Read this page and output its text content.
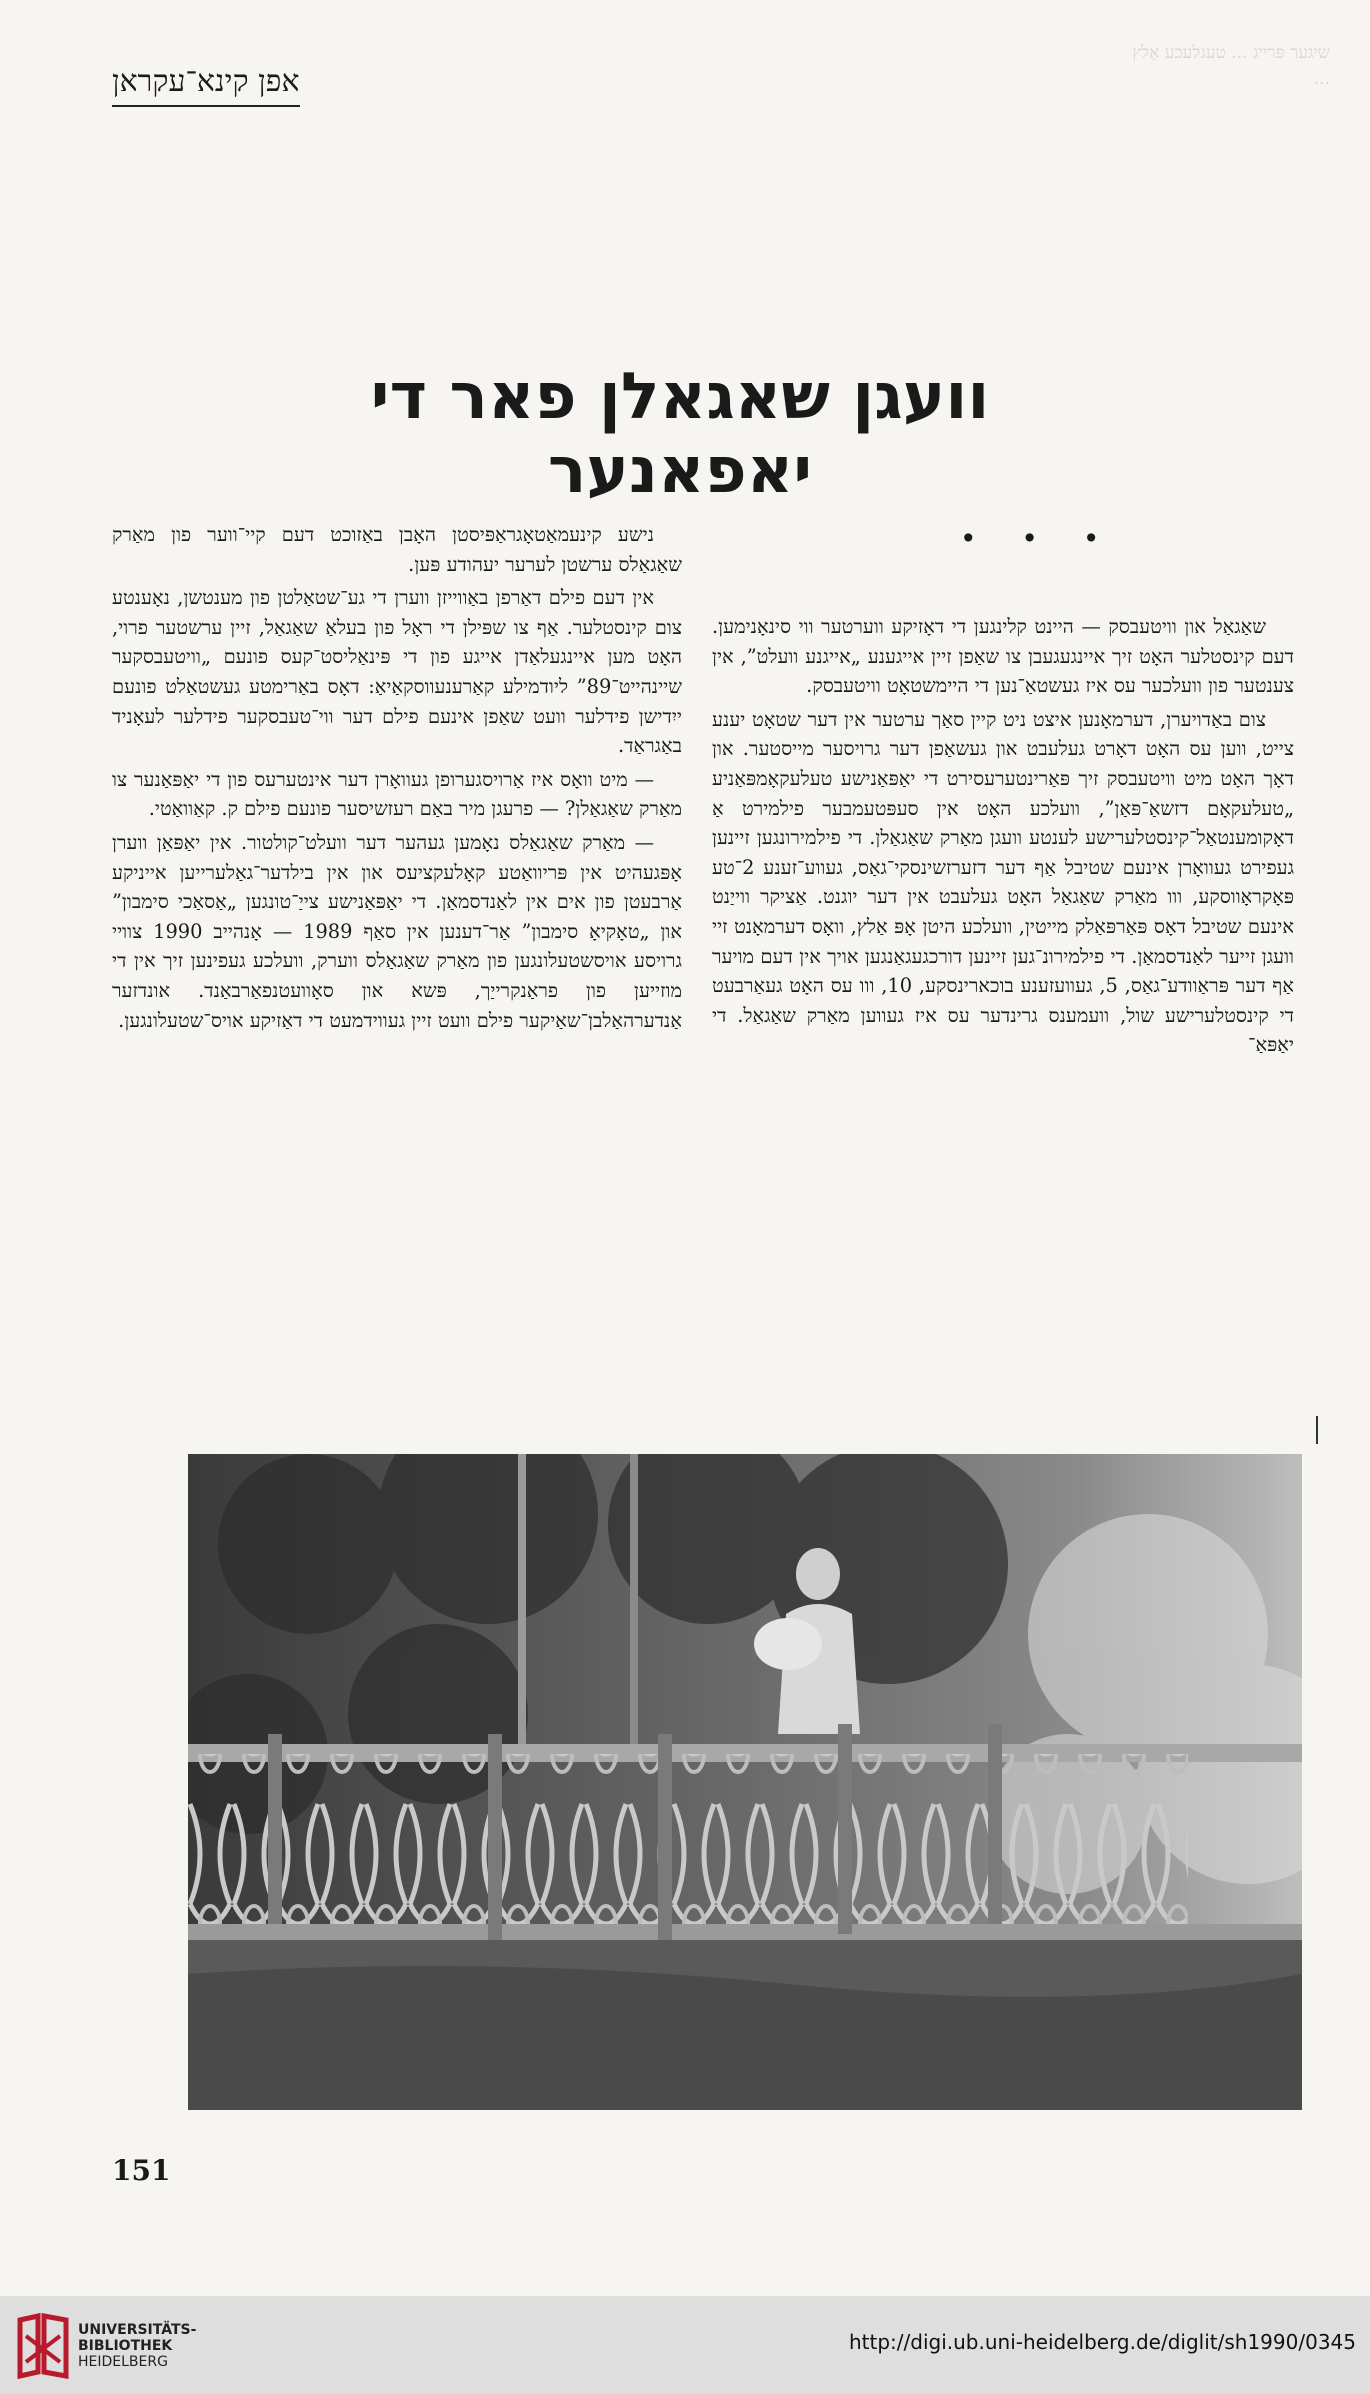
שיגער פּרייג ... טעגלעכע אַלץ ...
אפן קינא־עקראן
וועגן שאגאלן פאר די יאפאנער
• • •

נישע קינעמאַטאָגראַפּיסטן האָבן באַזוכט דעם קיי־ווער פון מאַרק שאַגאַלס ערשטן לערער יעהודע פּען.

אין דעם פילם דאַרפן באַווייזן ווערן די גע־שטאַלטן פון מענטשן, נאָענטע צום קינסטלער. אַף צו שפּילן די ראָל פון בעלאַ שאַגאַל, זיין ערשטער פרוי, האָט מען איינגעלאַדן אייגע פון די פּינאַליסט־קעס פונעם „וויטעבסקער שיינהייט־89” ליודמילע קאַרענעווסקאַיאַ: דאָס באַרימטע געשטאַלט פונעם ייִדישן פידלער וועט שאַפן אינעם פילם דער ווי־טעבסקער פידלער לעאָניד באַגראַד.

— מיט וואָס איז אַרויסגערופן געוואָרן דער אינטערעס פון די יאַפּאַנער צו מאַרק שאַגאַלן? — פרעגן מיר באַם רעזשיסער פונעם פילם ק. קאַוואַטי.

— מאַרק שאַגאַלס נאָמען געהער דער וועלט־קולטור. אין יאַפּאַן ווערן אָפּגעהיט אין פּריוואַטע קאָלעקציעס און אין בילדער־גאַלערייען אייניקע אַרבעטן פון אים אין לאַנדסמאַן. די יאַפּאַנישע צייַ־טונגען „אַסאַכי סימבון” און „טאָקיאָ סימבון” אַר־דענען אין סאַף 1989 — אָנהייב 1990 צוויי גרויסע אויסשטעלונגען פון מאַרק שאַגאַלס ווערק, וועלכע געפינען זיך אין די מוזייען פון פראַנקרייַך, פּשא און סאָוועטנפאַרבאַנד. אונדזער אַנדערהאַלבן־שאַיקער פילם וועט זיין געווידמעט די דאַזיקע אויס־שטעלונגען.

שאַגאַל און וויטעבסק — היינט קלינגען די דאָזיקע ווערטער ווי סינאָנימען. דעם קינסטלער האָט זיך איינגעגעבן צו שאַפן זיין אייגענע „אייגנע וועלט”, אין צענטער פון וועלכער עס איז געשטאַ־נען די היימשטאָט וויטעבסק.

צום באַדויערן, דערמאָנען איצט ניט קיין סאַך ערטער אין דער שטאָט יענע צייט, ווען עס האָט דאָרט געלעבט און געשאַפן דער גרויסער מייסטער. און דאָך האָט מיט וויטעבסק זיך פּאַרינטערעסירט די יאַפּאַנישע טעלעקאָמפּאַניע „טעלעקאָם דזשאַ־פּאַן”, וועלכע האָט אין סעפּטעמבער פילמירט אַ דאָקומענטאַל־קינסטלערישע לענטע וועגן מאַרק שאַגאַלן. די פילמירונגען זיינען געפירט געוואָרן אינעם שטיבל אַף דער דזערזשינסקי־גאַס, געווע־זענע 2־טע פּאָקראָווסקע, ווו מאַרק שאַגאַל האָט געלעבט אין דער יוגנט. אַציקר ווייַנט אינעם שטיבל דאָס פּאַרפּאַלק מייטין, וועלכע היטן אָפּ אַלץ, וואָס דערמאָנט זיי וועגן זייער לאַנדסמאַן. די פילמירונ־גען זיינען דורכגעגאַנגען אויך אין דעם מויער אַף דער פּראַוודע־גאַס, 5, געוועזענע בוכארינסקע, 10, ווו עס האָט געאַרבעט די קינסטלערישע שול, וועמענס גרינדער עס איז געווען מאַרק שאַגאַל. די יאַפּאַ־

151
UNIVERSITÄTS-
BIBLIOTHEK
HEIDELBERG
http://digi.ub.uni-heidelberg.de/diglit/sh1990/0345
